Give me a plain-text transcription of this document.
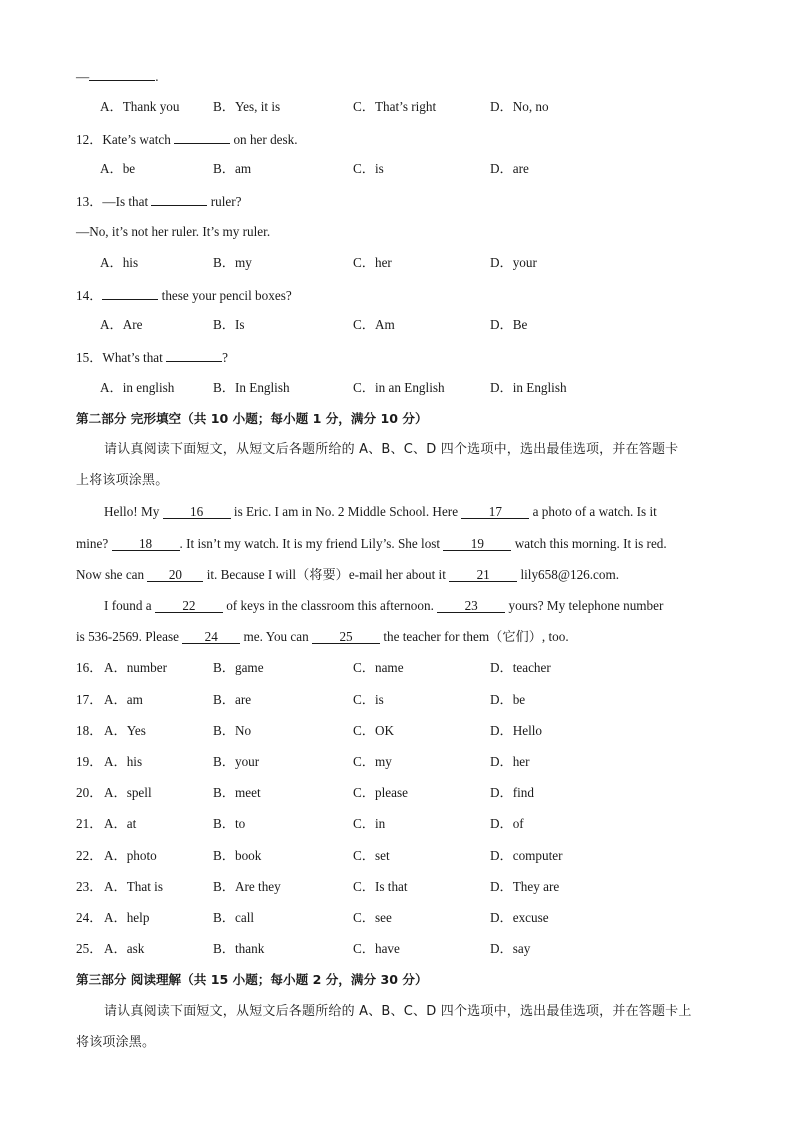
—	.
A．Thank you	B．Yes, it is	C．That’s right	D．No, no
12．Kate’s watch	on her desk.
A．be	B．am	C．is	D．are
13．—Is that	ruler?
—No, it’s not her ruler. It’s my ruler.
A．his	B．my	C．her	D．your
14．	these your pencil boxes?
A．Are	B．Is	C．Am	D．Be
15．What’s that	?
A．in english	B．In English	C．in an English	D．in English
第二部分 完形填空（共 10 小题；每小题 1 分，满分 10 分）
请认真阅读下面短文，从短文后各题所给的 A、B、C、D 四个选项中，选出最佳选项，并在答题卡
上将该项涂黑。
Hello! My 16 is Eric. I am in No. 2 Middle School. Here 17 a photo of a watch. Is it
mine? 18 . It isn’t my watch. It is my friend Lily’s. She lost 19 watch this morning. It is red.
Now she can 20 it. Because I will（将要）e-mail her about it 21 lily658@126.com.
I found a 22 of keys in the classroom this afternoon. 23 yours? My telephone number
is 536-2569. Please 24 me. You can 25 the teacher for them（它们）, too.
16． A．number	B．game	C．name	D．teacher
17． A．am	B．are	C．is	D．be
18． A．Yes	B．No	C．OK	D．Hello
19． A．his	B．your	C．my	D．her
20． A．spell	B．meet	C．please	D．find
21． A．at	B．to	C．in	D．of
22． A．photo	B．book	C．set	D．computer
23． A．That is	B．Are they	C．Is that	D．They are
24． A．help	B．call	C．see	D．excuse
25． A．ask	B．thank	C．have	D．say
第三部分 阅读理解（共 15 小题；每小题 2 分，满分 30 分）
请认真阅读下面短文，从短文后各题所给的 A、B、C、D 四个选项中，选出最佳选项，并在答题卡上
将该项涂黑。
